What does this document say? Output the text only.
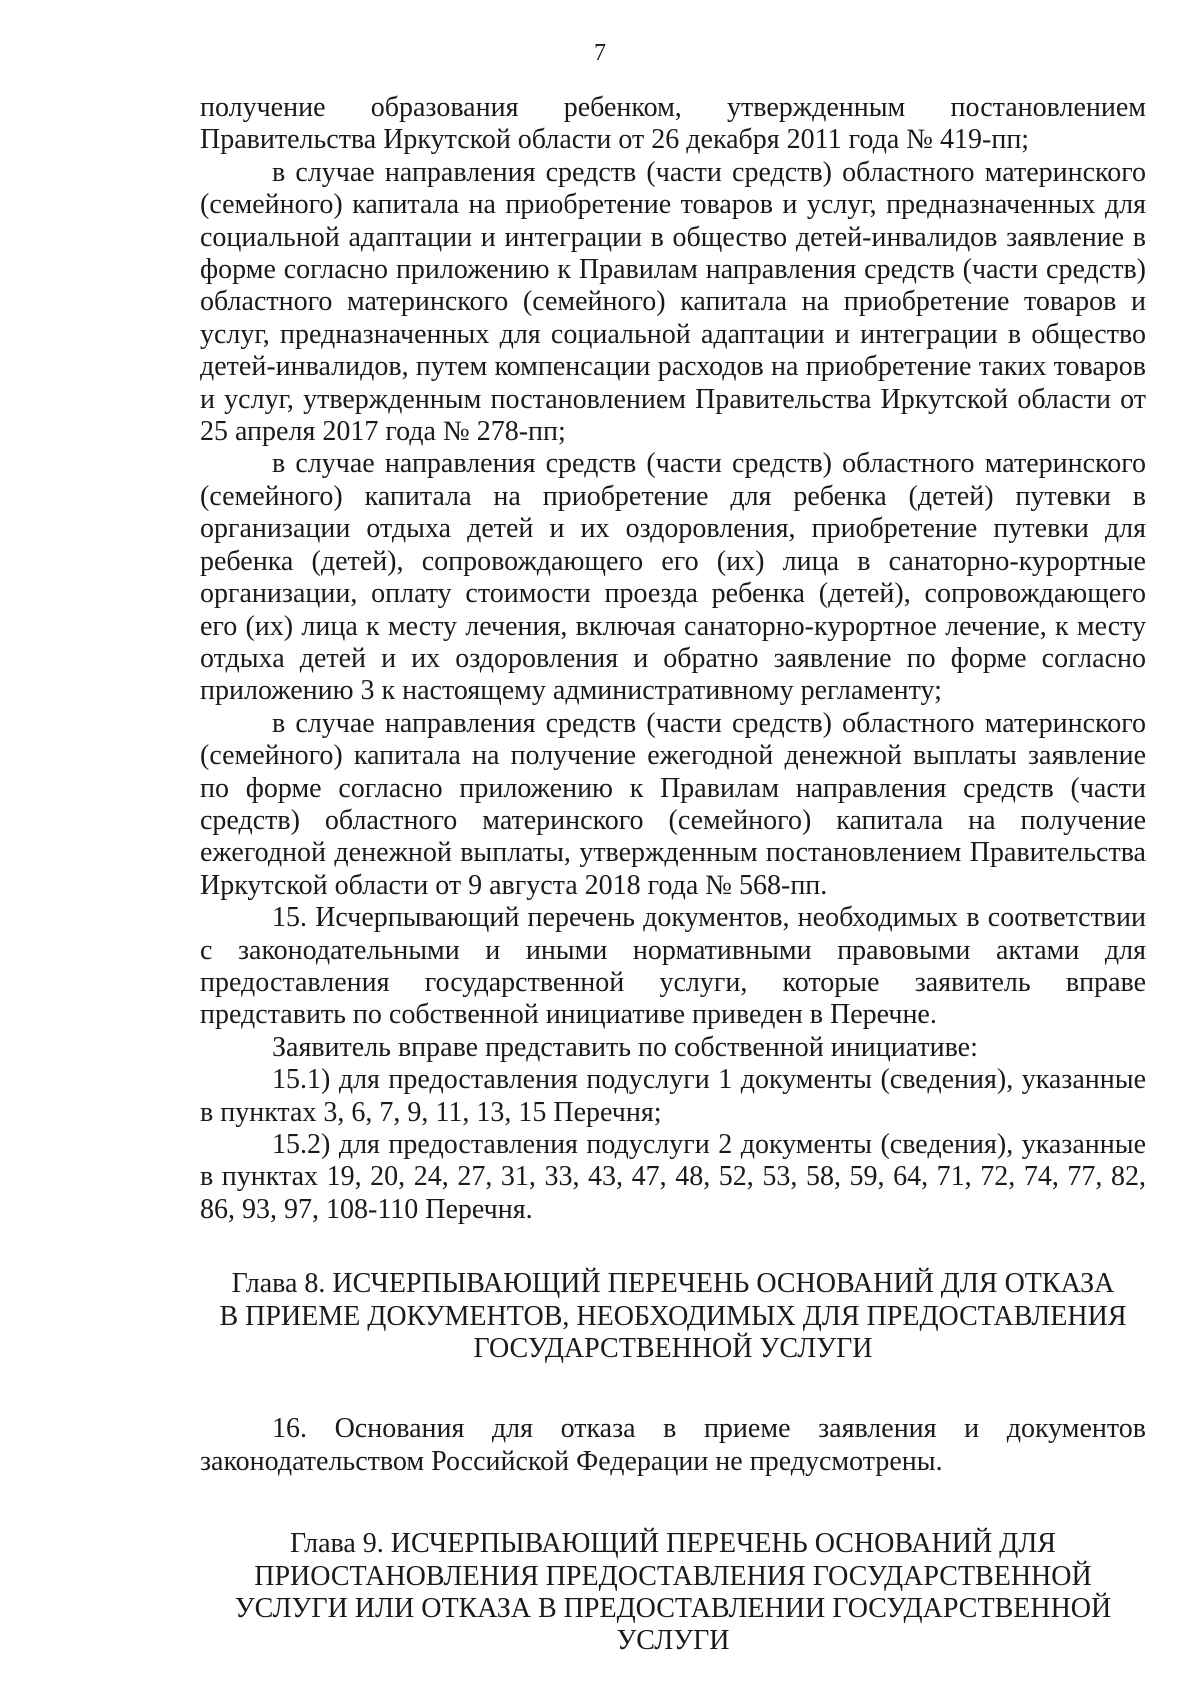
7

получение образования ребенком, утвержденным постановлением Правительства Иркутской области от 26 декабря 2011 года № 419-пп;

в случае направления средств (части средств) областного материнского (семейного) капитала на приобретение товаров и услуг, предназначенных для социальной адаптации и интеграции в общество детей-инвалидов заявление в форме согласно приложению к Правилам направления средств (части средств) областного материнского (семейного) капитала на приобретение товаров и услуг, предназначенных для социальной адаптации и интеграции в общество детей-инвалидов, путем компенсации расходов на приобретение таких товаров и услуг, утвержденным постановлением Правительства Иркутской области от 25 апреля 2017 года № 278-пп;

в случае направления средств (части средств) областного материнского (семейного) капитала на приобретение для ребенка (детей) путевки в организации отдыха детей и их оздоровления, приобретение путевки для ребенка (детей), сопровождающего его (их) лица в санаторно-курортные организации, оплату стоимости проезда ребенка (детей), сопровождающего его (их) лица к месту лечения, включая санаторно-курортное лечение, к месту отдыха детей и их оздоровления и обратно заявление по форме согласно приложению 3 к настоящему административному регламенту;

в случае направления средств (части средств) областного материнского (семейного) капитала на получение ежегодной денежной выплаты заявление по форме согласно приложению к Правилам направления средств (части средств) областного материнского (семейного) капитала на получение ежегодной денежной выплаты, утвержденным постановлением Правительства Иркутской области от 9 августа 2018 года № 568-пп.

15. Исчерпывающий перечень документов, необходимых в соответствии с законодательными и иными нормативными правовыми актами для предоставления государственной услуги, которые заявитель вправе представить по собственной инициативе приведен в Перечне.

Заявитель вправе представить по собственной инициативе:

15.1) для предоставления подуслуги 1 документы (сведения), указанные в пунктах 3, 6, 7, 9, 11, 13, 15 Перечня;

15.2) для предоставления подуслуги 2 документы (сведения), указанные в пунктах 19, 20, 24, 27, 31, 33, 43, 47, 48, 52, 53, 58, 59, 64, 71, 72, 74, 77, 82, 86, 93, 97, 108-110 Перечня.

Глава 8. ИСЧЕРПЫВАЮЩИЙ ПЕРЕЧЕНЬ ОСНОВАНИЙ ДЛЯ ОТКАЗА
В ПРИЕМЕ ДОКУМЕНТОВ, НЕОБХОДИМЫХ ДЛЯ ПРЕДОСТАВЛЕНИЯ
ГОСУДАРСТВЕННОЙ УСЛУГИ

16. Основания для отказа в приеме заявления и документов законодательством Российской Федерации не предусмотрены.

Глава 9. ИСЧЕРПЫВАЮЩИЙ ПЕРЕЧЕНЬ ОСНОВАНИЙ ДЛЯ
ПРИОСТАНОВЛЕНИЯ ПРЕДОСТАВЛЕНИЯ ГОСУДАРСТВЕННОЙ
УСЛУГИ ИЛИ ОТКАЗА В ПРЕДОСТАВЛЕНИИ ГОСУДАРСТВЕННОЙ
УСЛУГИ
